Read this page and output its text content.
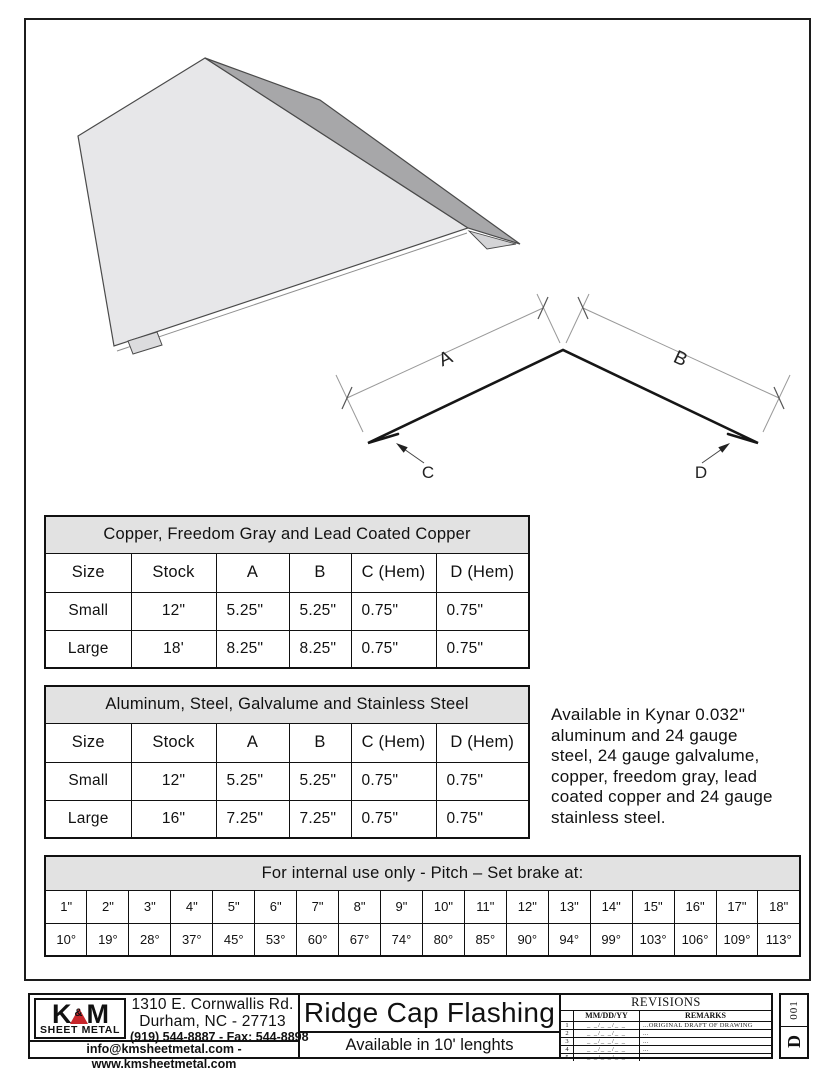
A	B
C	D
Copper, Freedom Gray and Lead Coated Copper					
Size	Stock	A	B	C (Hem)	D (Hem)
Small	12"	5.25"	5.25"	0.75"	0.75"
Large	18'	8.25"	8.25"	0.75"	0.75"
Aluminum, Steel, Galvalume and Stainless Steel					
Size	Stock	A	B	C (Hem)	D (Hem)
Small	12"	5.25"	5.25"	0.75"	0.75"
Large	16"	7.25"	7.25"	0.75"	0.75"
Available in Kynar 0.032"
aluminum and 24 gauge
steel, 24 gauge galvalume,
copper, freedom gray, lead
coated copper and 24 gauge
stainless steel.
For internal use only - Pitch – Set brake at:																	
1"	2"	3"	4"	5"	6"	7"	8"	9"	10"	11"	12"	13"	14"	15"	16"	17"	18"
10°	19°	28°	37°	45°	53°	60°	67°	74°	80°	85°	90°	94°	99°	103°	106°	109°	113°
K & M
SHEET METAL
1310 E. Cornwallis Rd.
Durham, NC - 27713
(919) 544-8887 - Fax: 544-8898
info@kmsheetmetal.com - www.kmsheetmetal.com
Ridge Cap Flashing
Available in 10' lenghts
REVISIONS
MM/DD/YY	REMARKS
1	_ _/_ _/_ _	...ORIGINAL DRAFT OF DRAWING
2	_ _/_ _/_ _	...
3	_ _/_ _/_ _	...
4	_ _/_ _/_ _	...
5	_ _/_ _/_ _	...
001
D
